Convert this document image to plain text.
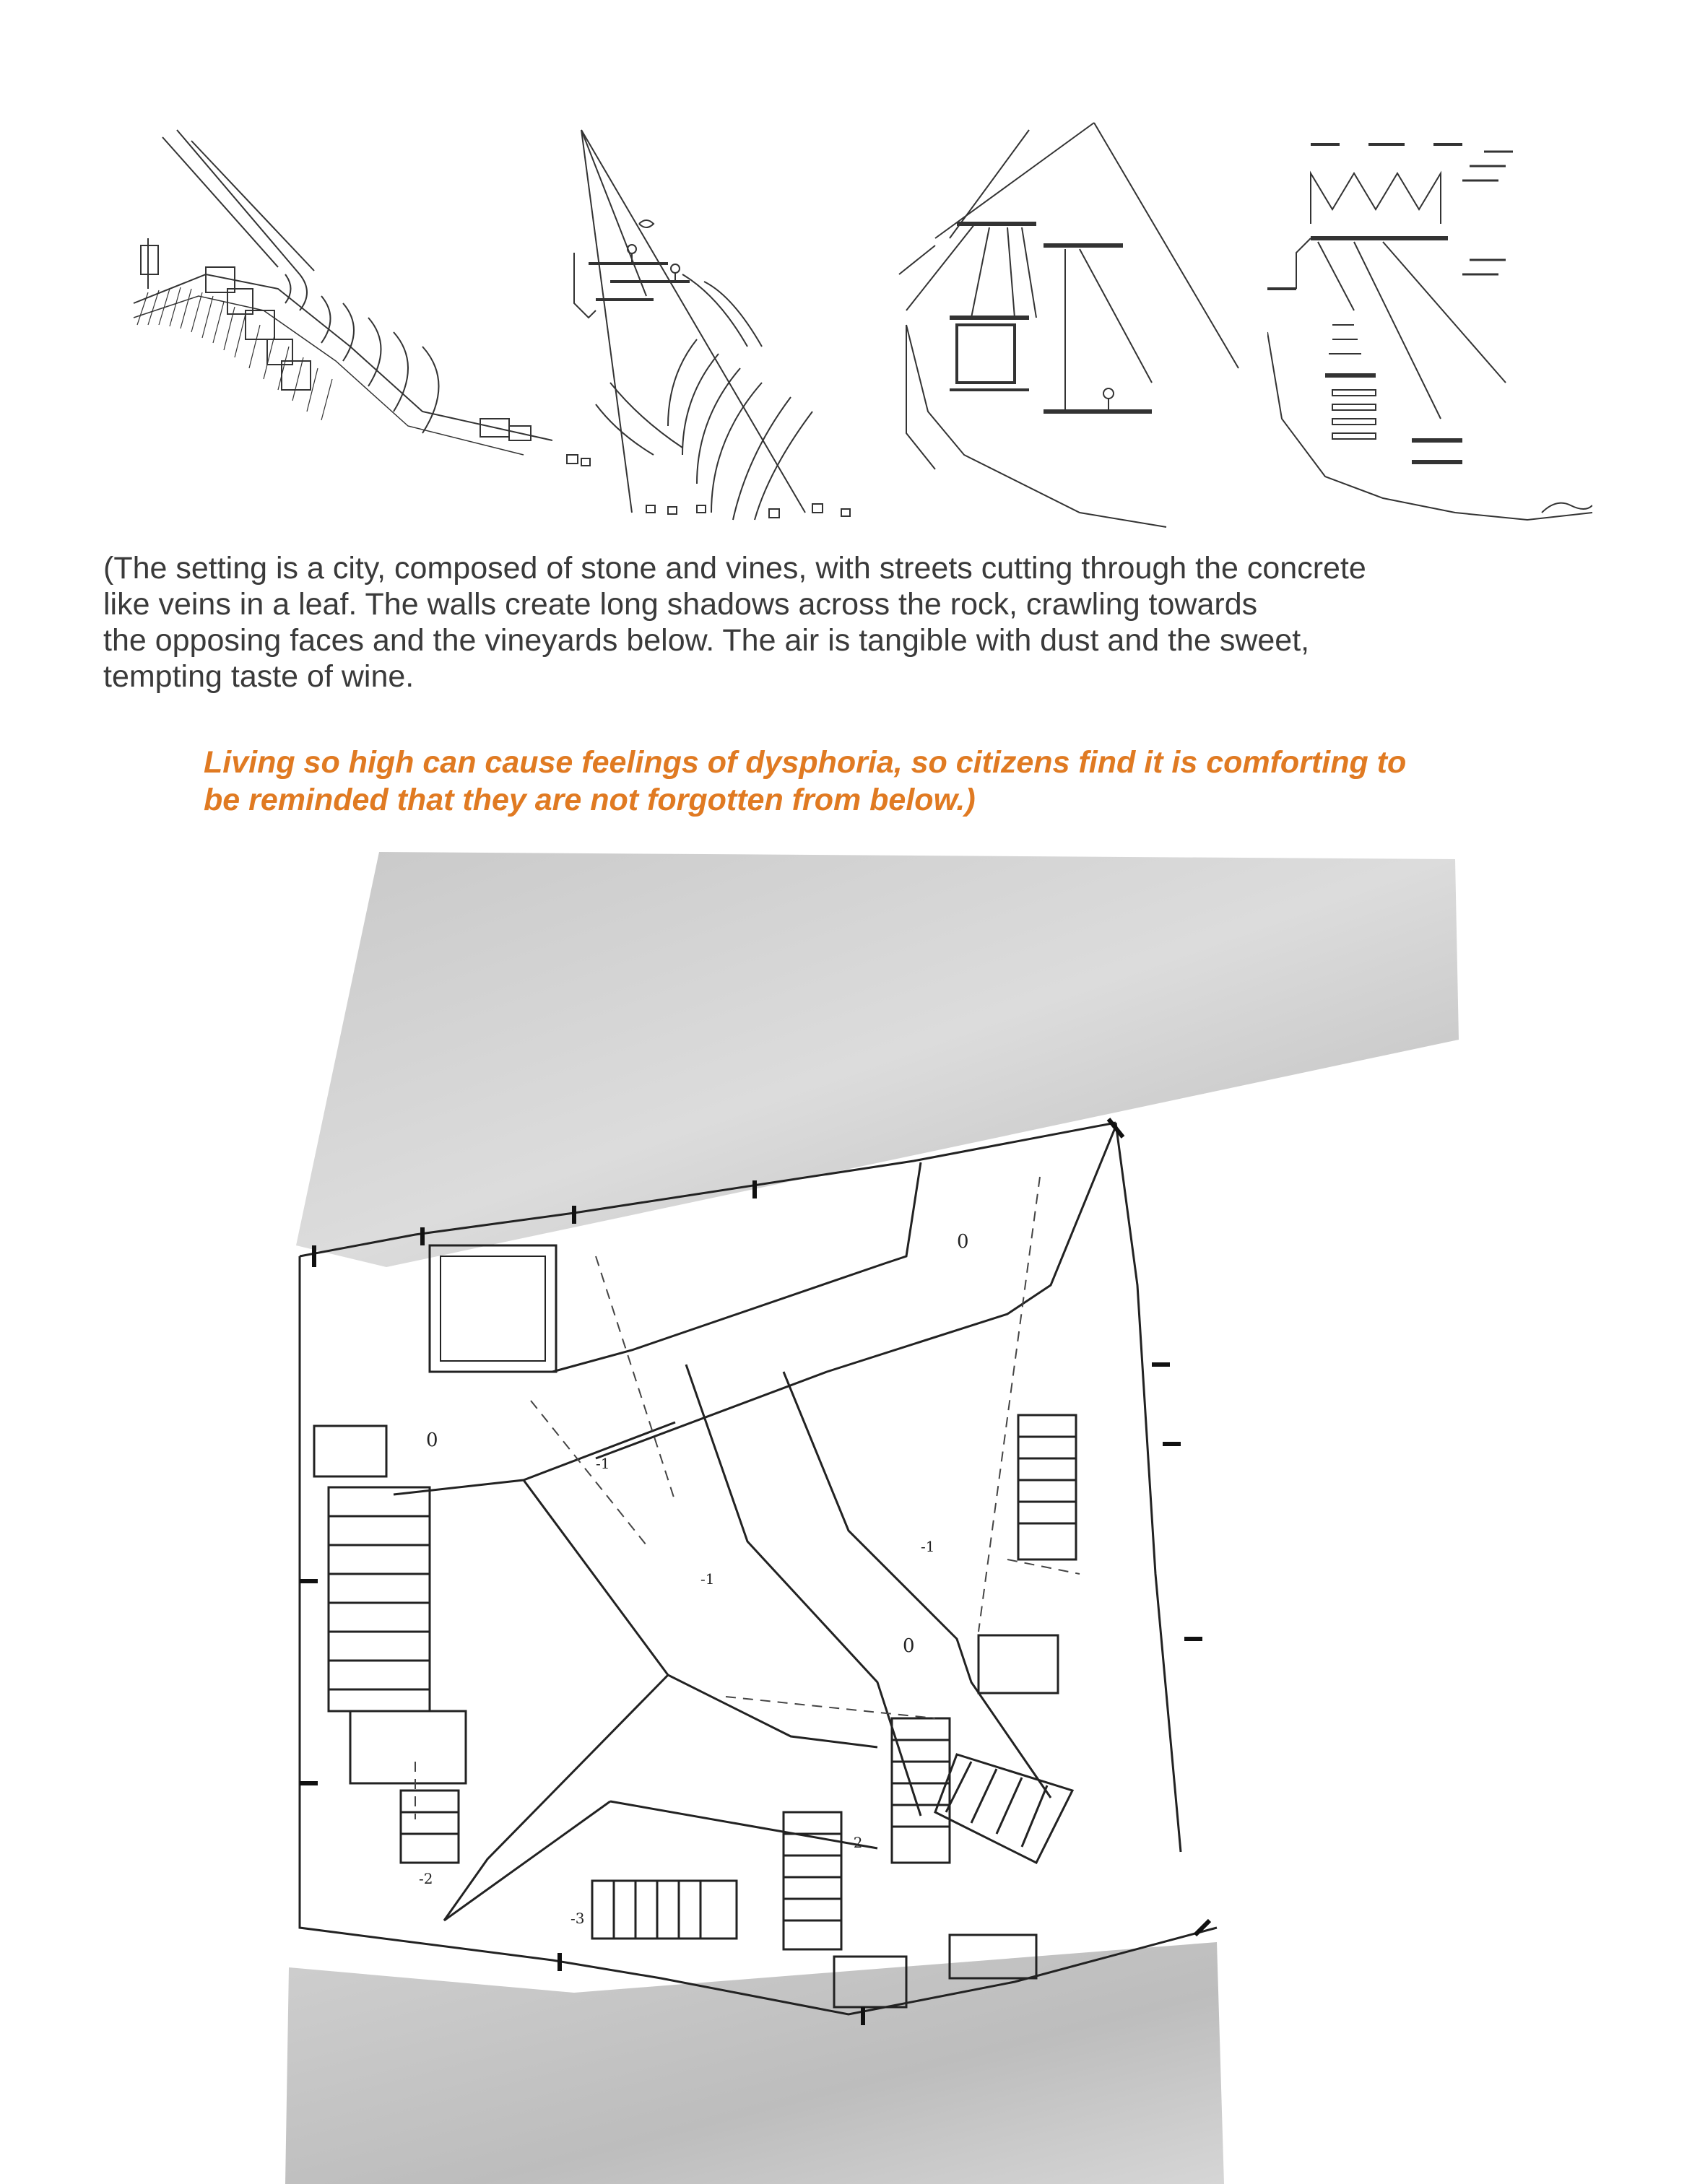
(The setting is a city, composed of stone and vines, with streets cutting through the concrete
like veins in a leaf. The walls create long shadows across the rock, crawling towards
the opposing faces and the vineyards below. The air is tangible with dust and the sweet,
tempting taste of wine.
Living so high can cause feelings of dysphoria, so citizens find it is comforting to
be reminded that they are not forgotten from below.)
0
0
0
-1
-1
-1
-2
-2
-3
